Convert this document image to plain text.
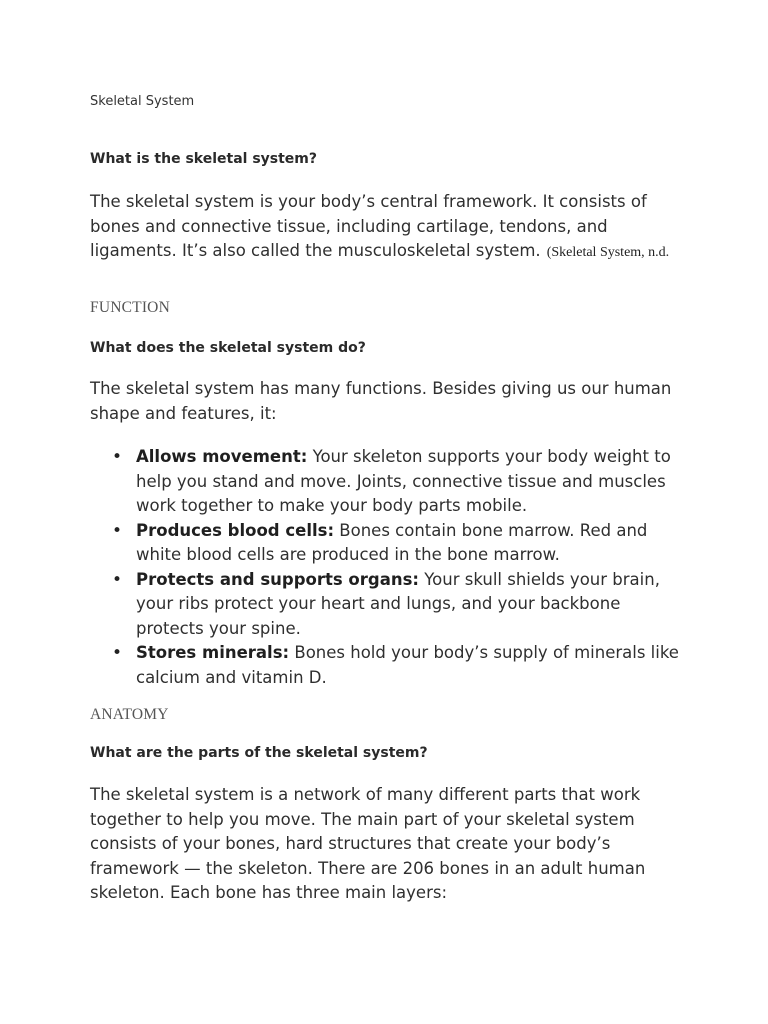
Skeletal System
What is the skeletal system?
The skeletal system is your body’s central framework. It consists of bones and connective tissue, including cartilage, tendons, and ligaments. It’s also called the musculoskeletal system. (Skeletal System, n.d.
FUNCTION
What does the skeletal system do?
The skeletal system has many functions. Besides giving us our human shape and features, it:
• Allows movement: Your skeleton supports your body weight to help you stand and move. Joints, connective tissue and muscles work together to make your body parts mobile.
• Produces blood cells: Bones contain bone marrow. Red and white blood cells are produced in the bone marrow.
• Protects and supports organs: Your skull shields your brain, your ribs protect your heart and lungs, and your backbone protects your spine.
• Stores minerals: Bones hold your body’s supply of minerals like calcium and vitamin D.
ANATOMY
What are the parts of the skeletal system?
The skeletal system is a network of many different parts that work together to help you move. The main part of your skeletal system consists of your bones, hard structures that create your body’s framework — the skeleton. There are 206 bones in an adult human skeleton. Each bone has three main layers:
